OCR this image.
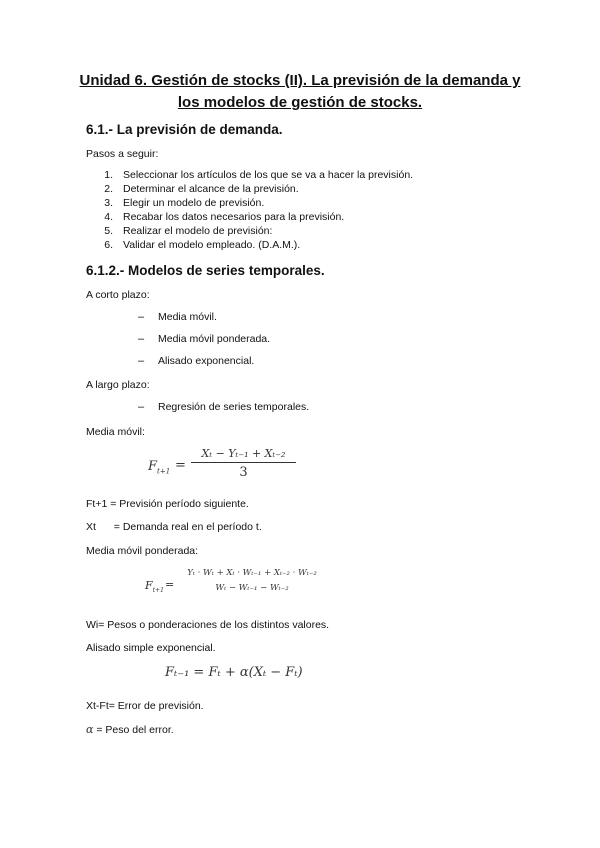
Unidad 6. Gestión de stocks (II). La previsión de la demanda y
los modelos de gestión de stocks.
6.1.- La previsión de demanda.
Pasos a seguir:
1. Seleccionar los artículos de los que se va a hacer la previsión.
2. Determinar el alcance de la previsión.
3. Elegir un modelo de previsión.
4. Recabar los datos necesarios para la previsión.
5. Realizar el modelo de previsión:
6. Validar el modelo empleado. (D.A.M.).
6.1.2.- Modelos de series temporales.
A corto plazo:
– Media móvil.
– Media móvil ponderada.
– Alisado exponencial.
A largo plazo:
– Regresión de series temporales.
Media móvil:
$F_{t+1}$ =
Xₜ − Yₜ₋₁ + Xₜ₋₂
3
Ft+1 = Previsión período siguiente.
Xt = Demanda real en el período t.
Media móvil ponderada:
$F_{t+1}$ =
Yₜ · Wₜ + Xₜ · Wₜ₋₁ + Xₜ₋₂ · Wₜ₋₂
Wₜ − Wₜ₋₁ − Wₜ₋₂
Wi= Pesos o ponderaciones de los distintos valores.
Alisado simple exponencial.
Fₜ₋₁ = Fₜ + α(Xₜ − Fₜ)
Xt-Ft= Error de previsión.
α = Peso del error.
